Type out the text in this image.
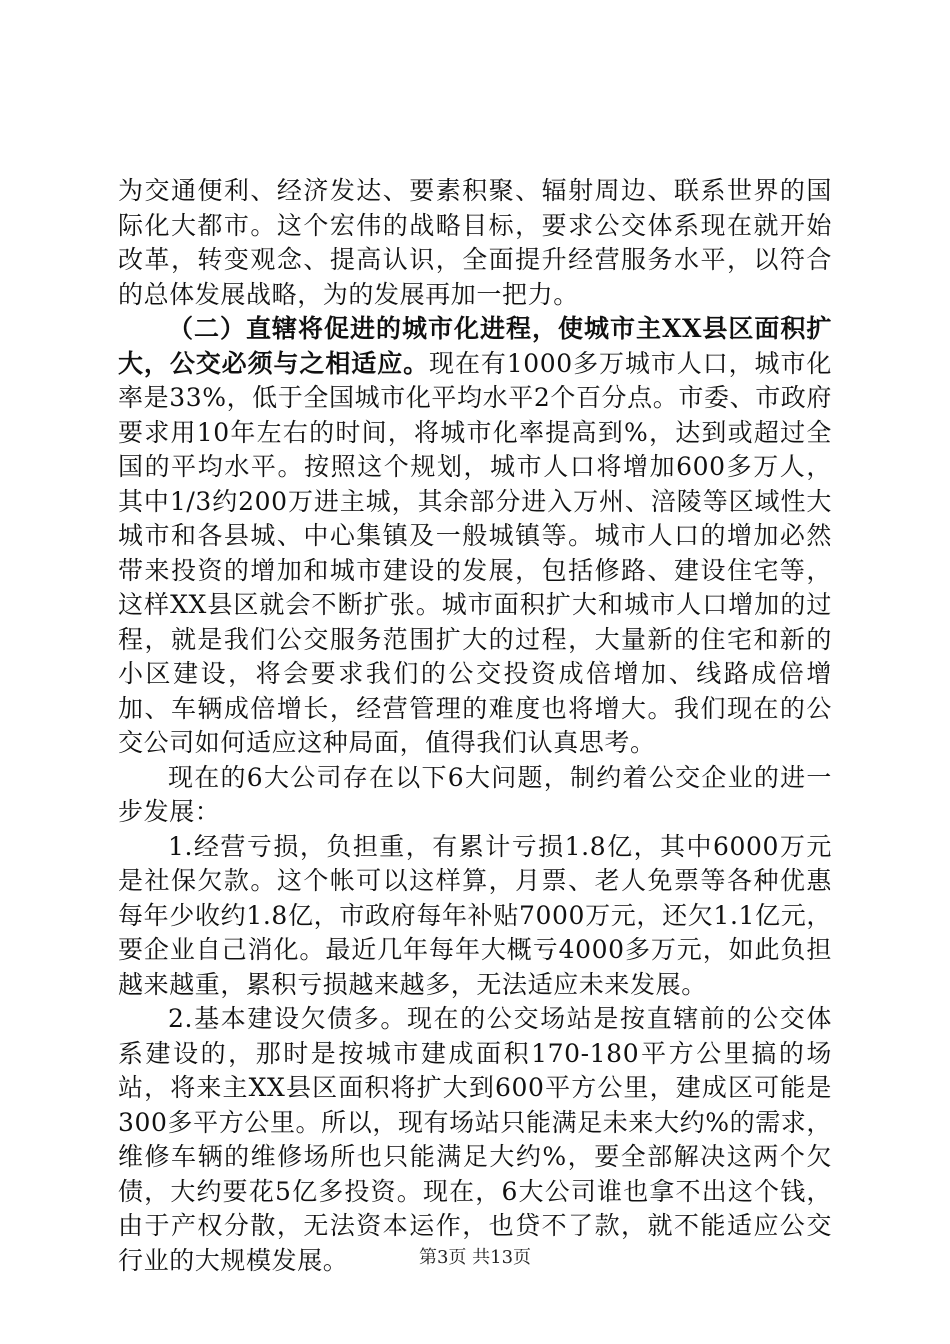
为交通便利、经济发达、要素积聚、辐射周边、联系世界的国际化大都市。这个宏伟的战略目标，要求公交体系现在就开始改革，转变观念、提高认识，全面提升经营服务水平，以符合的总体发展战略，为的发展再加一把力。

（二）直辖将促进的城市化进程，使城市主XX县区面积扩大，公交必须与之相适应。现在有1000多万城市人口，城市化率是33%，低于全国城市化平均水平2个百分点。市委、市政府要求用10年左右的时间，将城市化率提高到%，达到或超过全国的平均水平。按照这个规划，城市人口将增加600多万人，其中1/3约200万进主城，其余部分进入万州、涪陵等区域性大城市和各县城、中心集镇及一般城镇等。城市人口的增加必然带来投资的增加和城市建设的发展，包括修路、建设住宅等，这样XX县区就会不断扩张。城市面积扩大和城市人口增加的过程，就是我们公交服务范围扩大的过程，大量新的住宅和新的小区建设，将会要求我们的公交投资成倍增加、线路成倍增加、车辆成倍增长，经营管理的难度也将增大。我们现在的公交公司如何适应这种局面，值得我们认真思考。

现在的6大公司存在以下6大问题，制约着公交企业的进一步发展：

1.经营亏损，负担重，有累计亏损1.8亿，其中6000万元是社保欠款。这个帐可以这样算，月票、老人免票等各种优惠每年少收约1.8亿，市政府每年补贴7000万元，还欠1.1亿元，要企业自己消化。最近几年每年大概亏4000多万元，如此负担越来越重，累积亏损越来越多，无法适应未来发展。

2.基本建设欠债多。现在的公交场站是按直辖前的公交体系建设的，那时是按城市建成面积170-180平方公里搞的场站，将来主XX县区面积将扩大到600平方公里，建成区可能是300多平方公里。所以，现有场站只能满足未来大约%的需求，维修车辆的维修场所也只能满足大约%，要全部解决这两个欠债，大约要花5亿多投资。现在，6大公司谁也拿不出这个钱，由于产权分散，无法资本运作，也贷不了款，就不能适应公交行业的大规模发展。	第3页 共13页
